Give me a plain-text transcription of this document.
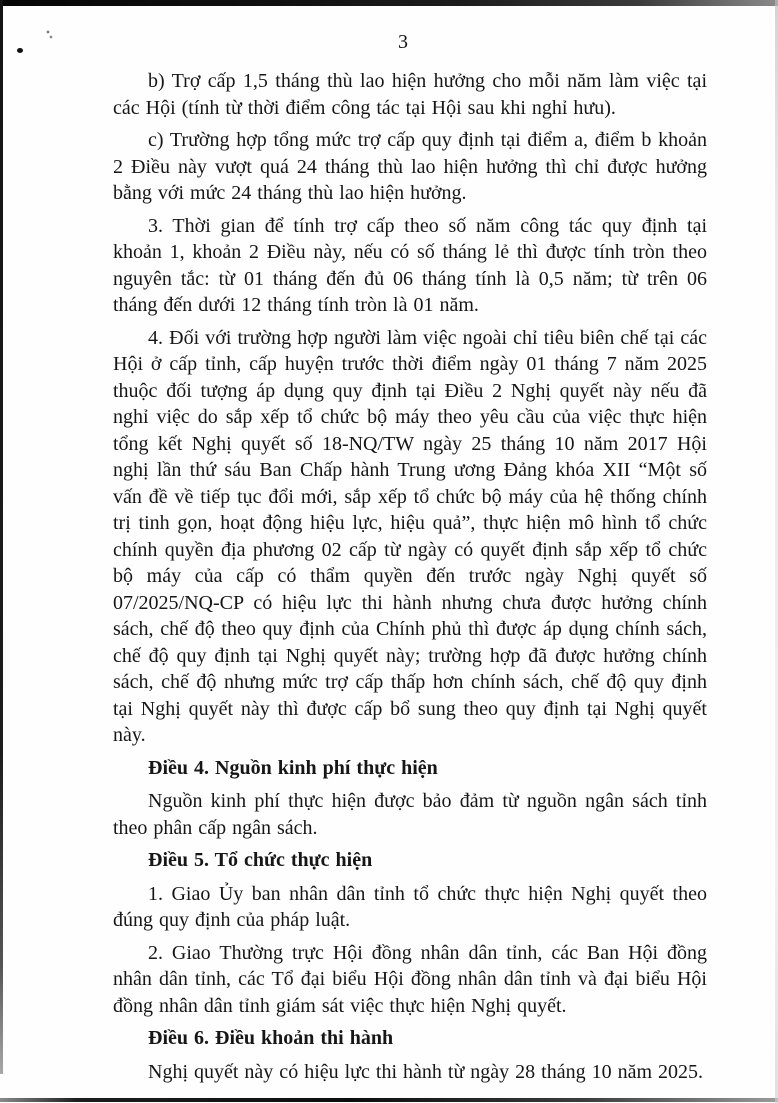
3

b) Trợ cấp 1,5 tháng thù lao hiện hưởng cho mỗi năm làm việc tại các Hội (tính từ thời điểm công tác tại Hội sau khi nghỉ hưu).

c) Trường hợp tổng mức trợ cấp quy định tại điểm a, điểm b khoản 2 Điều này vượt quá 24 tháng thù lao hiện hưởng thì chỉ được hưởng bằng với mức 24 tháng thù lao hiện hưởng.

3. Thời gian để tính trợ cấp theo số năm công tác quy định tại khoản 1, khoản 2 Điều này, nếu có số tháng lẻ thì được tính tròn theo nguyên tắc: từ 01 tháng đến đủ 06 tháng tính là 0,5 năm; từ trên 06 tháng đến dưới 12 tháng tính tròn là 01 năm.

4. Đối với trường hợp người làm việc ngoài chỉ tiêu biên chế tại các Hội ở cấp tỉnh, cấp huyện trước thời điểm ngày 01 tháng 7 năm 2025 thuộc đối tượng áp dụng quy định tại Điều 2 Nghị quyết này nếu đã nghỉ việc do sắp xếp tổ chức bộ máy theo yêu cầu của việc thực hiện tổng kết Nghị quyết số 18-NQ/TW ngày 25 tháng 10 năm 2017 Hội nghị lần thứ sáu Ban Chấp hành Trung ương Đảng khóa XII “Một số vấn đề về tiếp tục đổi mới, sắp xếp tổ chức bộ máy của hệ thống chính trị tinh gọn, hoạt động hiệu lực, hiệu quả”, thực hiện mô hình tổ chức chính quyền địa phương 02 cấp từ ngày có quyết định sắp xếp tổ chức bộ máy của cấp có thẩm quyền đến trước ngày Nghị quyết số 07/2025/NQ-CP có hiệu lực thi hành nhưng chưa được hưởng chính sách, chế độ theo quy định của Chính phủ thì được áp dụng chính sách, chế độ quy định tại Nghị quyết này; trường hợp đã được hưởng chính sách, chế độ nhưng mức trợ cấp thấp hơn chính sách, chế độ quy định tại Nghị quyết này thì được cấp bổ sung theo quy định tại Nghị quyết này.

Điều 4. Nguồn kinh phí thực hiện

Nguồn kinh phí thực hiện được bảo đảm từ nguồn ngân sách tỉnh theo phân cấp ngân sách.

Điều 5. Tổ chức thực hiện

1. Giao Ủy ban nhân dân tỉnh tổ chức thực hiện Nghị quyết theo đúng quy định của pháp luật.

2. Giao Thường trực Hội đồng nhân dân tỉnh, các Ban Hội đồng nhân dân tỉnh, các Tổ đại biểu Hội đồng nhân dân tỉnh và đại biểu Hội đồng nhân dân tỉnh giám sát việc thực hiện Nghị quyết.

Điều 6. Điều khoản thi hành

Nghị quyết này có hiệu lực thi hành từ ngày 28 tháng 10 năm 2025.
